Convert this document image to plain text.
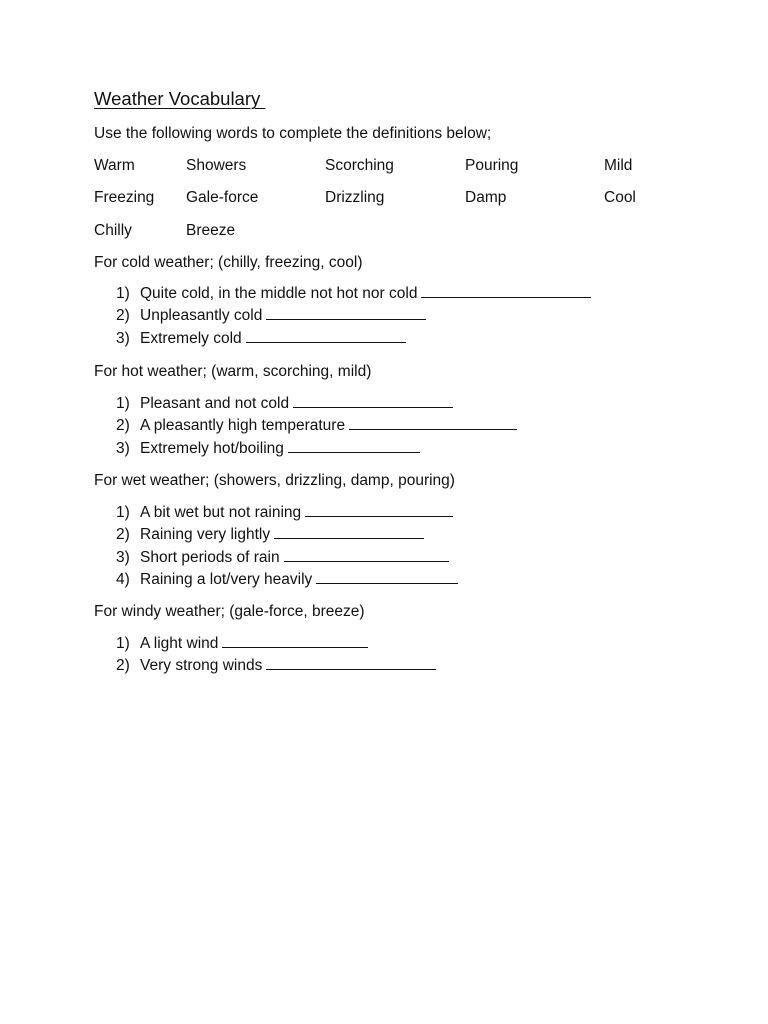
Weather Vocabulary
Use the following words to complete the definitions below;
Warm	Showers	Scorching	Pouring	Mild
Freezing Gale-force	Drizzling	Damp	Cool
Chilly	Breeze
For cold weather; (chilly, freezing, cool)
1) Quite cold, in the middle not hot nor cold
2) Unpleasantly cold
3) Extremely cold
For hot weather; (warm, scorching, mild)
1) Pleasant and not cold
2) A pleasantly high temperature
3) Extremely hot/boiling
For wet weather; (showers, drizzling, damp, pouring)
1) A bit wet but not raining
2) Raining very lightly
3) Short periods of rain
4) Raining a lot/very heavily
For windy weather; (gale-force, breeze)
1) A light wind
2) Very strong winds
